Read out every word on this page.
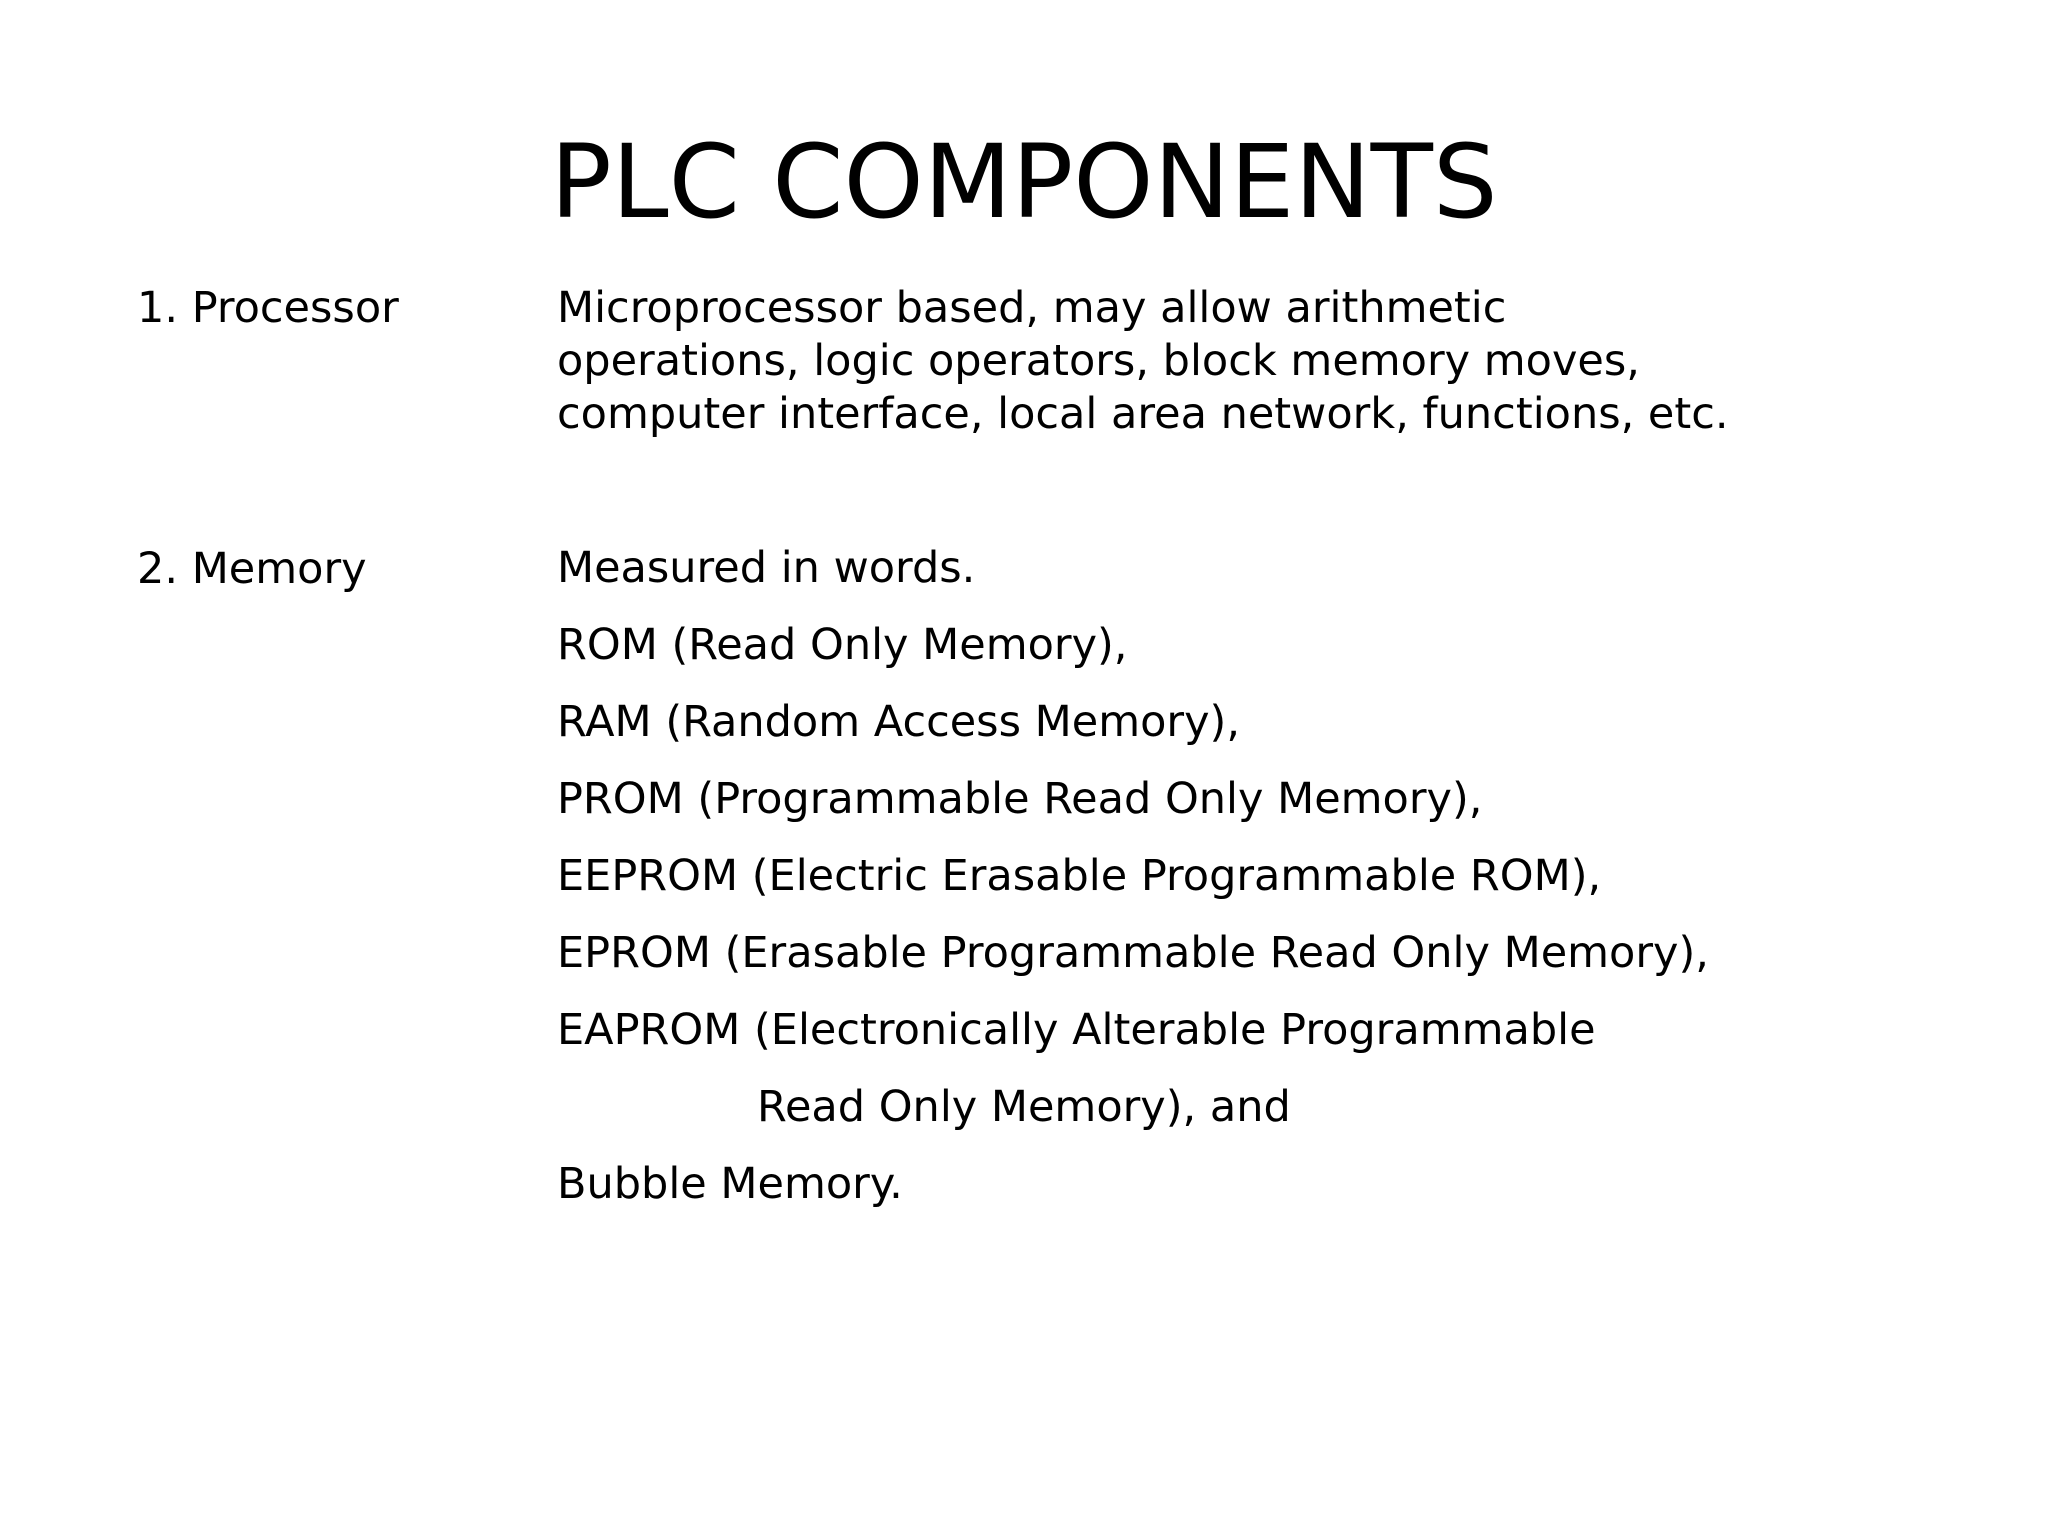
PLC COMPONENTS
1. Processor	Microprocessor based, may allow arithmetic
operations, logic operators, block memory moves,
computer interface, local area network, functions, etc.
2. Memory	Measured in words.
ROM (Read Only Memory),
RAM (Random Access Memory),
PROM (Programmable Read Only Memory),
EEPROM (Electric Erasable Programmable ROM),
EPROM (Erasable Programmable Read Only Memory),
EAPROM (Electronically Alterable Programmable
Read Only Memory), and
Bubble Memory.
